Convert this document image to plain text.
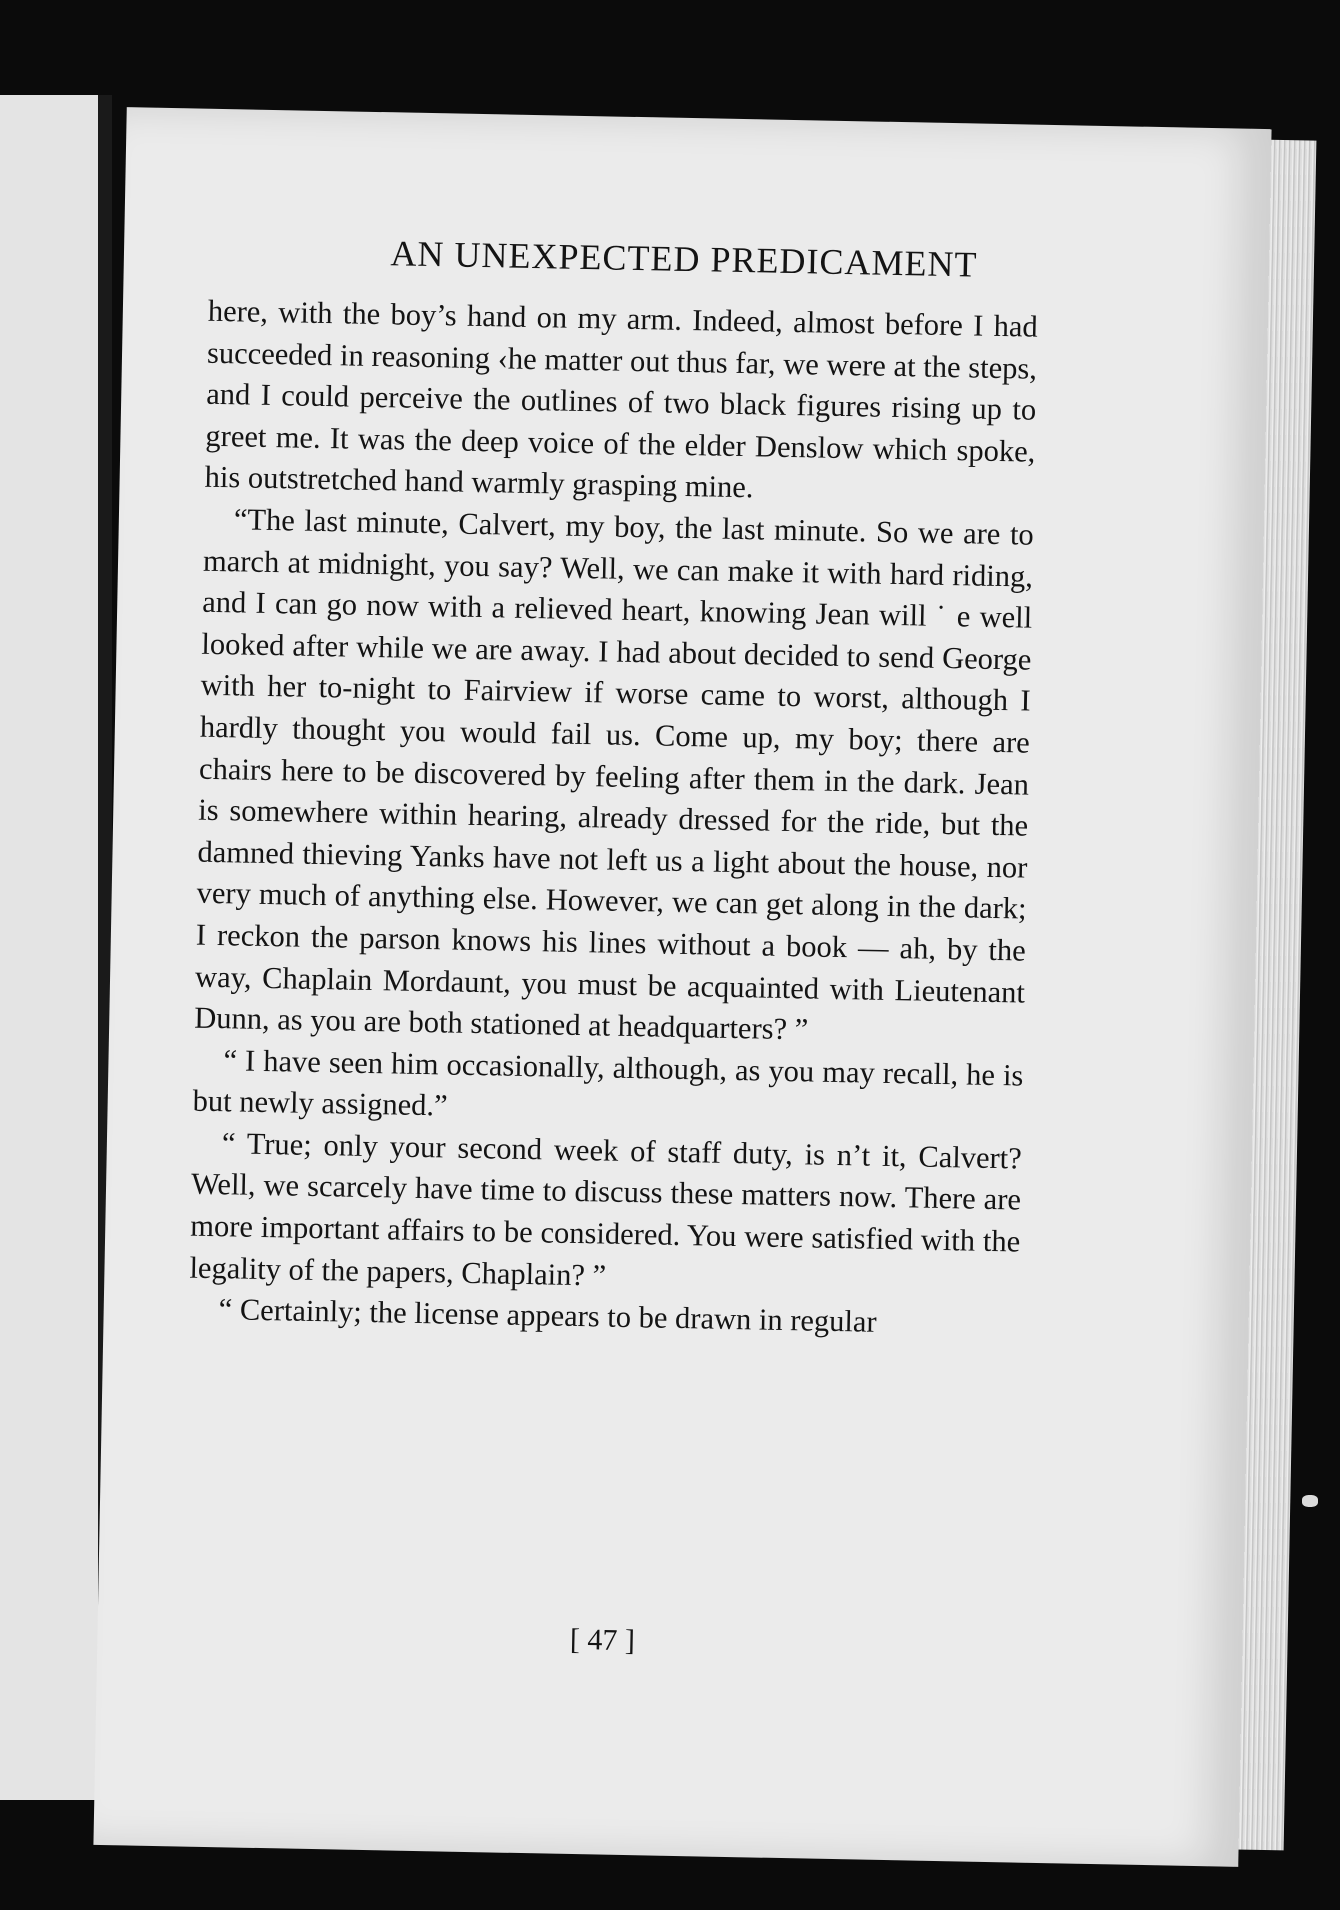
AN UNEXPECTED PREDICAMENT

here, with the boy’s hand on my arm. Indeed, almost before I had succeeded in reasoning ‹he matter out thus far, we were at the steps, and I could perceive the outlines of two black figures rising up to greet me. It was the deep voice of the elder Denslow which spoke, his outstretched hand warmly grasping mine.

“The last minute, Calvert, my boy, the last minute. So we are to march at midnight, you say? Well, we can make it with hard riding, and I can go now with a relieved heart, knowing Jean will ˙ e well looked after while we are away. I had about decided to send George with her to-night to Fairview if worse came to worst, although I hardly thought you would fail us. Come up, my boy; there are chairs here to be discovered by feeling after them in the dark. Jean is somewhere within hearing, already dressed for the ride, but the damned thieving Yanks have not left us a light about the house, nor very much of anything else. However, we can get along in the dark; I reckon the parson knows his lines without a book — ah, by the way, Chaplain Mordaunt, you must be acquainted with Lieutenant Dunn, as you are both stationed at headquarters? ”

“ I have seen him occasionally, although, as you may recall, he is but newly assigned.”

“ True; only your second week of staff duty, is n’t it, Calvert? Well, we scarcely have time to discuss these matters now. There are more important affairs to be considered. You were satisfied with the legality of the papers, Chaplain? ”

“ Certainly; the license appears to be drawn in regular

[ 47 ]
